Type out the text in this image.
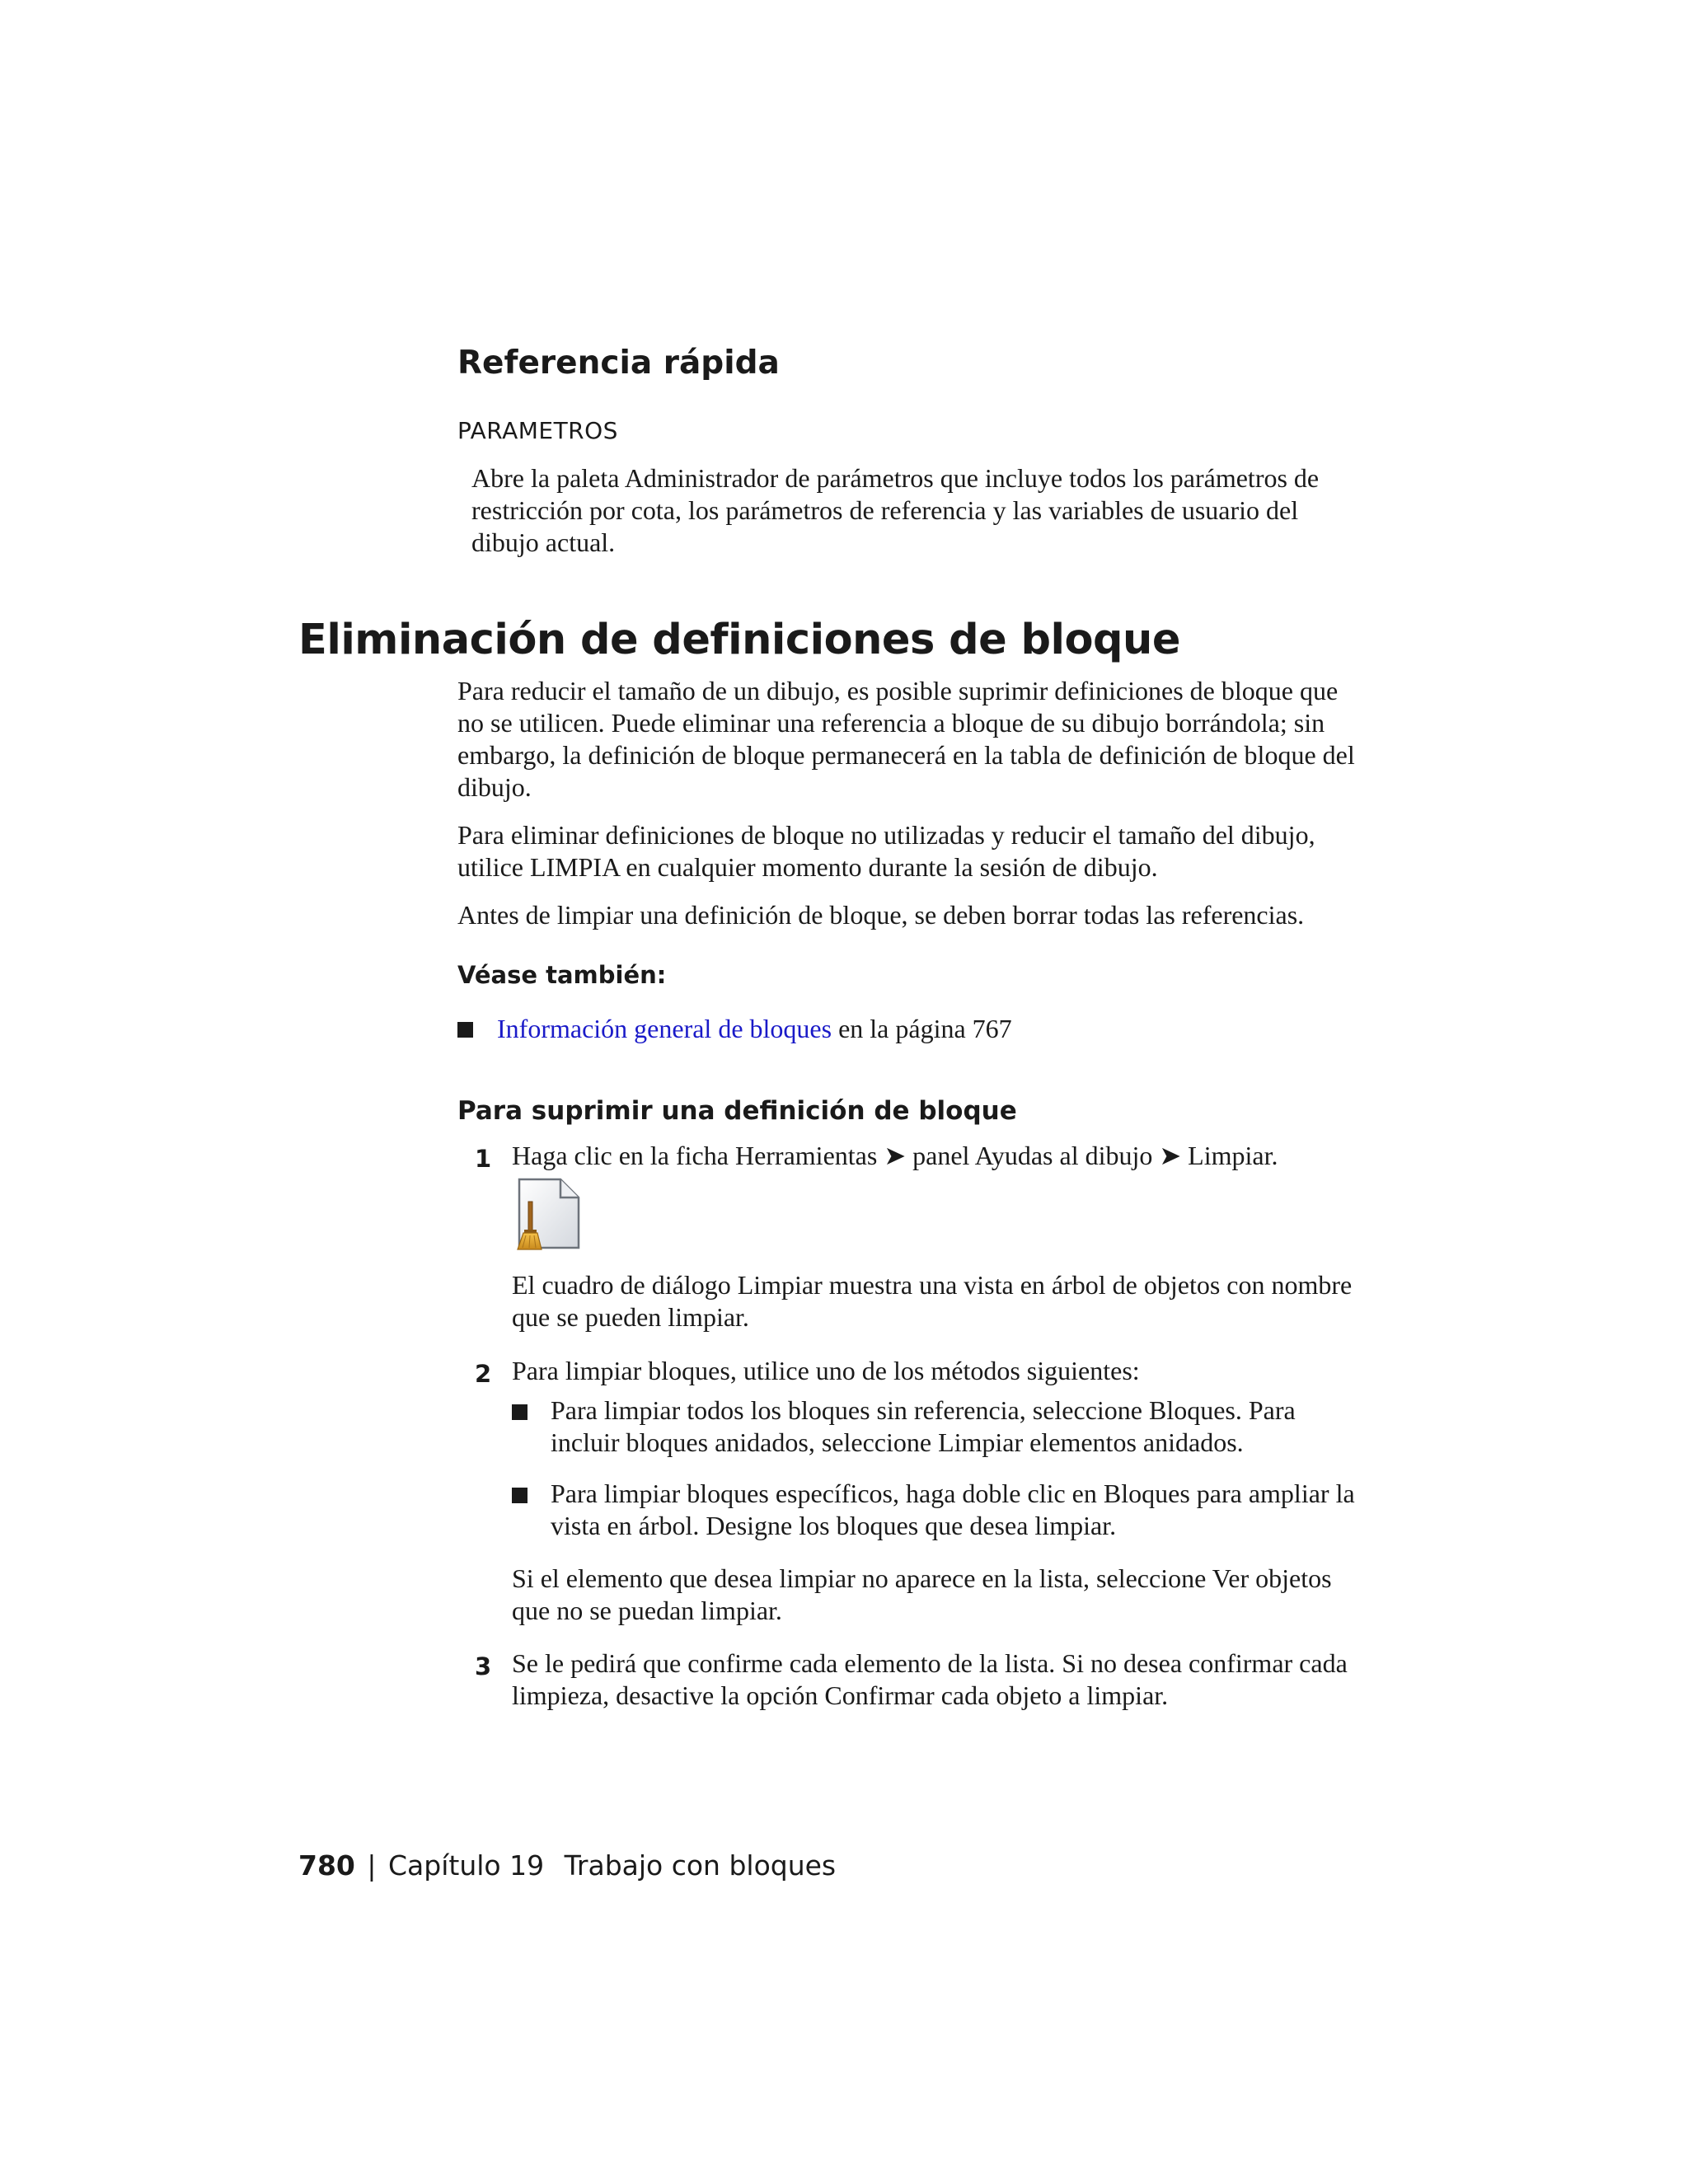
Referencia rápida

PARAMETROS

Abre la paleta Administrador de parámetros que incluye todos los parámetros de restricción por cota, los parámetros de referencia y las variables de usuario del dibujo actual.

Eliminación de definiciones de bloque

Para reducir el tamaño de un dibujo, es posible suprimir definiciones de bloque que no se utilicen. Puede eliminar una referencia a bloque de su dibujo borrándola; sin embargo, la definición de bloque permanecerá en la tabla de definición de bloque del dibujo.

Para eliminar definiciones de bloque no utilizadas y reducir el tamaño del dibujo, utilice LIMPIA en cualquier momento durante la sesión de dibujo.

Antes de limpiar una definición de bloque, se deben borrar todas las referencias.

Véase también:

Información general de bloques en la página 767

Para suprimir una definición de bloque
1 Haga clic en la ficha Herramientas ➤ panel Ayudas al dibujo ➤ Limpiar.

El cuadro de diálogo Limpiar muestra una vista en árbol de objetos con nombre que se pueden limpiar.

2 Para limpiar bloques, utilice uno de los métodos siguientes:

Para limpiar todos los bloques sin referencia, seleccione Bloques. Para incluir bloques anidados, seleccione Limpiar elementos anidados.

Para limpiar bloques específicos, haga doble clic en Bloques para ampliar la vista en árbol. Designe los bloques que desea limpiar.

Si el elemento que desea limpiar no aparece en la lista, seleccione Ver objetos que no se puedan limpiar.

3 Se le pedirá que confirme cada elemento de la lista. Si no desea confirmar cada limpieza, desactive la opción Confirmar cada objeto a limpiar.

780 | Capítulo 19 Trabajo con bloques
